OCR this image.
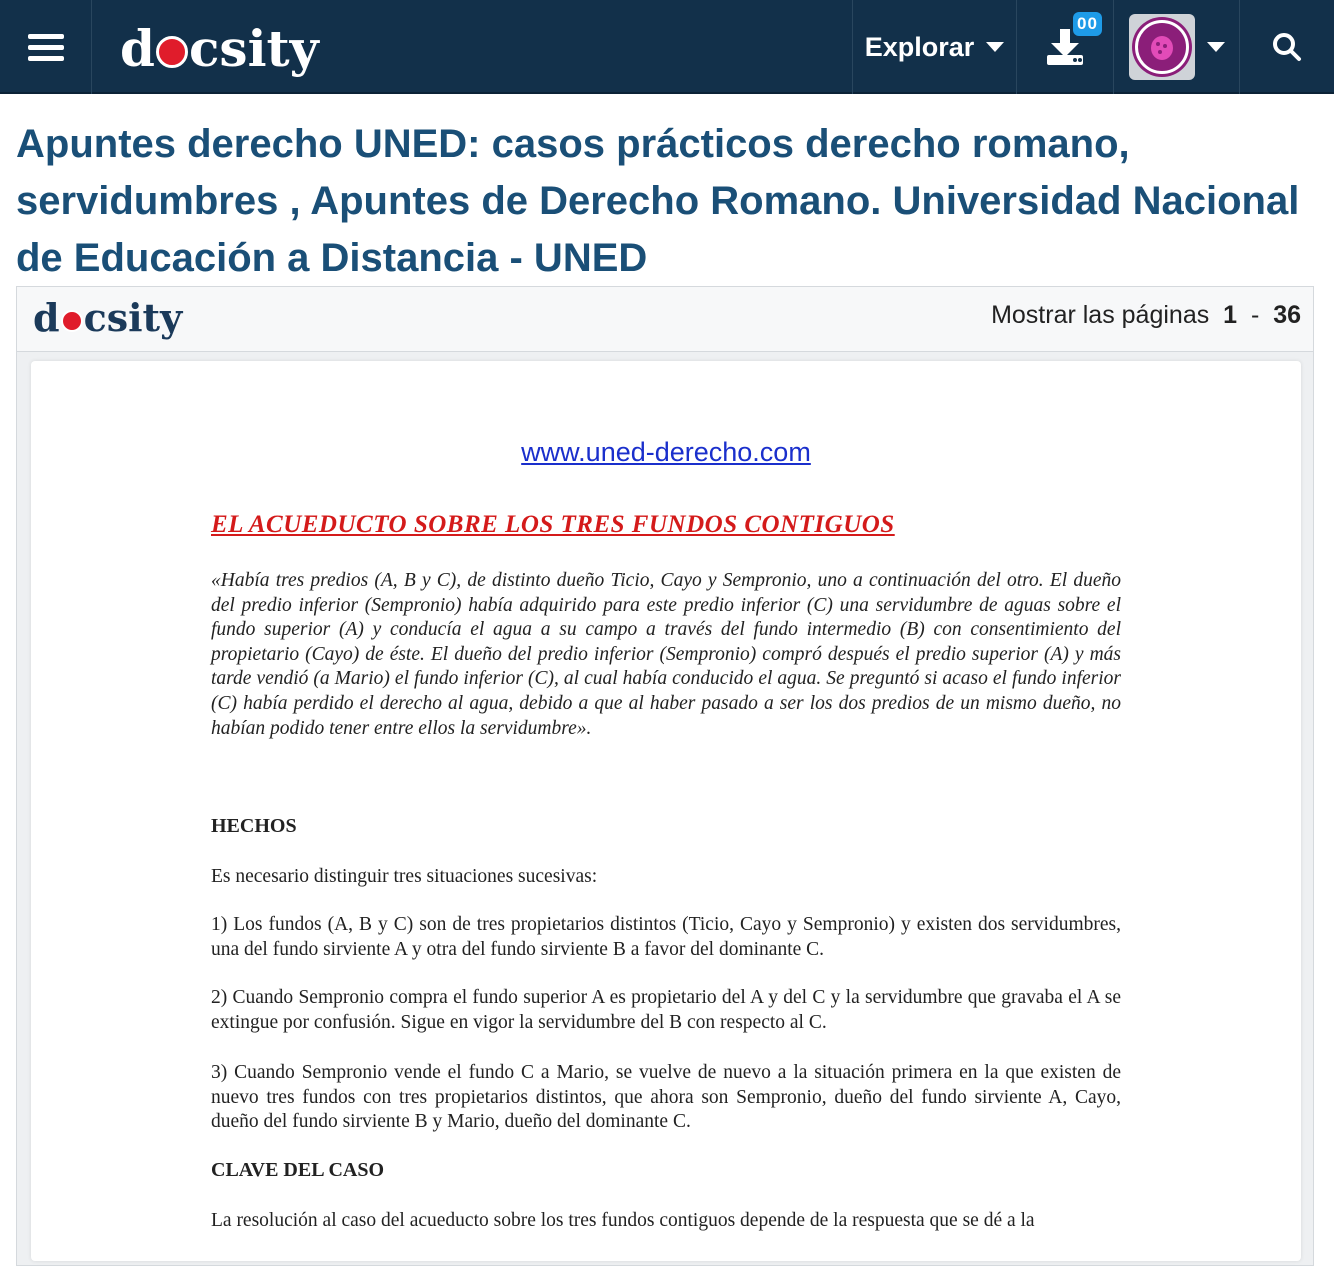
d csity	Explorar
00
Apuntes derecho UNED: casos prácticos derecho romano, servidumbres , Apuntes de Derecho Romano. Universidad Nacional de Educación a Distancia - UNED
d csity	Mostrar las páginas 1 - 36
www.uned-derecho.com
EL ACUEDUCTO SOBRE LOS TRES FUNDOS CONTIGUOS
«Había tres predios (A, B y C), de distinto dueño Ticio, Cayo y Sempronio, uno a continuación del otro. El dueño del predio inferior (Sempronio) había adquirido para este predio inferior (C) una servidumbre de aguas sobre el fundo superior (A) y conducía el agua a su campo a través del fundo intermedio (B) con consentimiento del propietario (Cayo) de éste. El dueño del predio inferior (Sempronio) compró después el predio superior (A) y más tarde vendió (a Mario) el fundo inferior (C), al cual había conducido el agua. Se preguntó si acaso el fundo inferior (C) había perdido el derecho al agua, debido a que al haber pasado a ser los dos predios de un mismo dueño, no habían podido tener entre ellos la servidumbre».
HECHOS
Es necesario distinguir tres situaciones sucesivas:
1) Los fundos (A, B y C) son de tres propietarios distintos (Ticio, Cayo y Sempronio) y existen dos servidumbres, una del fundo sirviente A y otra del fundo sirviente B a favor del dominante C.
2) Cuando Sempronio compra el fundo superior A es propietario del A y del C y la servidumbre que gravaba el A se extingue por confusión. Sigue en vigor la servidumbre del B con respecto al C.
3) Cuando Sempronio vende el fundo C a Mario, se vuelve de nuevo a la situación primera en la que existen de nuevo tres fundos con tres propietarios distintos, que ahora son Sempronio, dueño del fundo sirviente A, Cayo, dueño del fundo sirviente B y Mario, dueño del dominante C.
CLAVE DEL CASO
La resolución al caso del acueducto sobre los tres fundos contiguos depende de la respuesta que se dé a la
